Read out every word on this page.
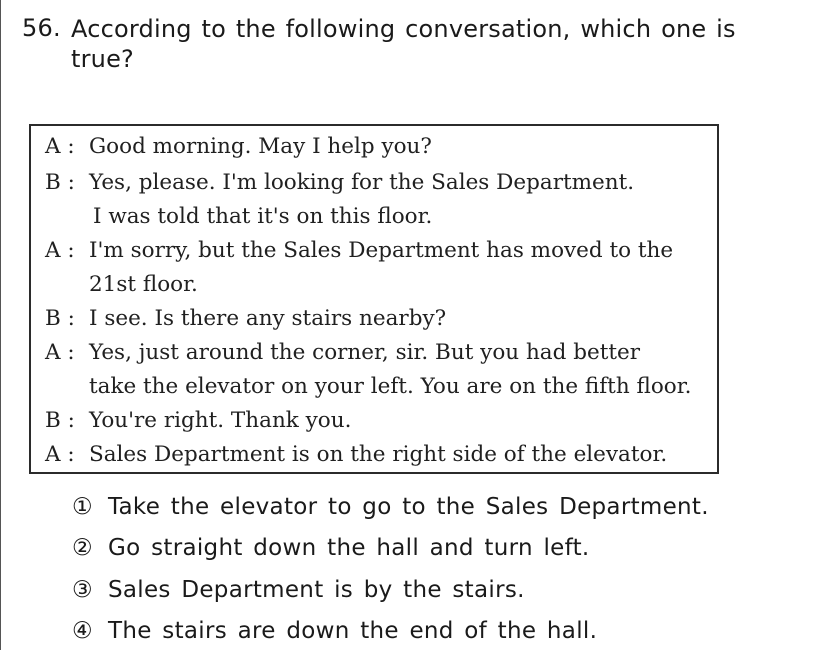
56. According to the following conversation, which one is true?
A : Good morning. May I help you?
B : Yes, please. I'm looking for the Sales Department.
I was told that it's on this floor.
A : I'm sorry, but the Sales Department has moved to the
21st floor.
B : I see. Is there any stairs nearby?
A : Yes, just around the corner, sir. But you had better
take the elevator on your left. You are on the fifth floor.
B : You're right. Thank you.
A : Sales Department is on the right side of the elevator.
① Take the elevator to go to the Sales Department.
② Go straight down the hall and turn left.
③ Sales Department is by the stairs.
④ The stairs are down the end of the hall.
